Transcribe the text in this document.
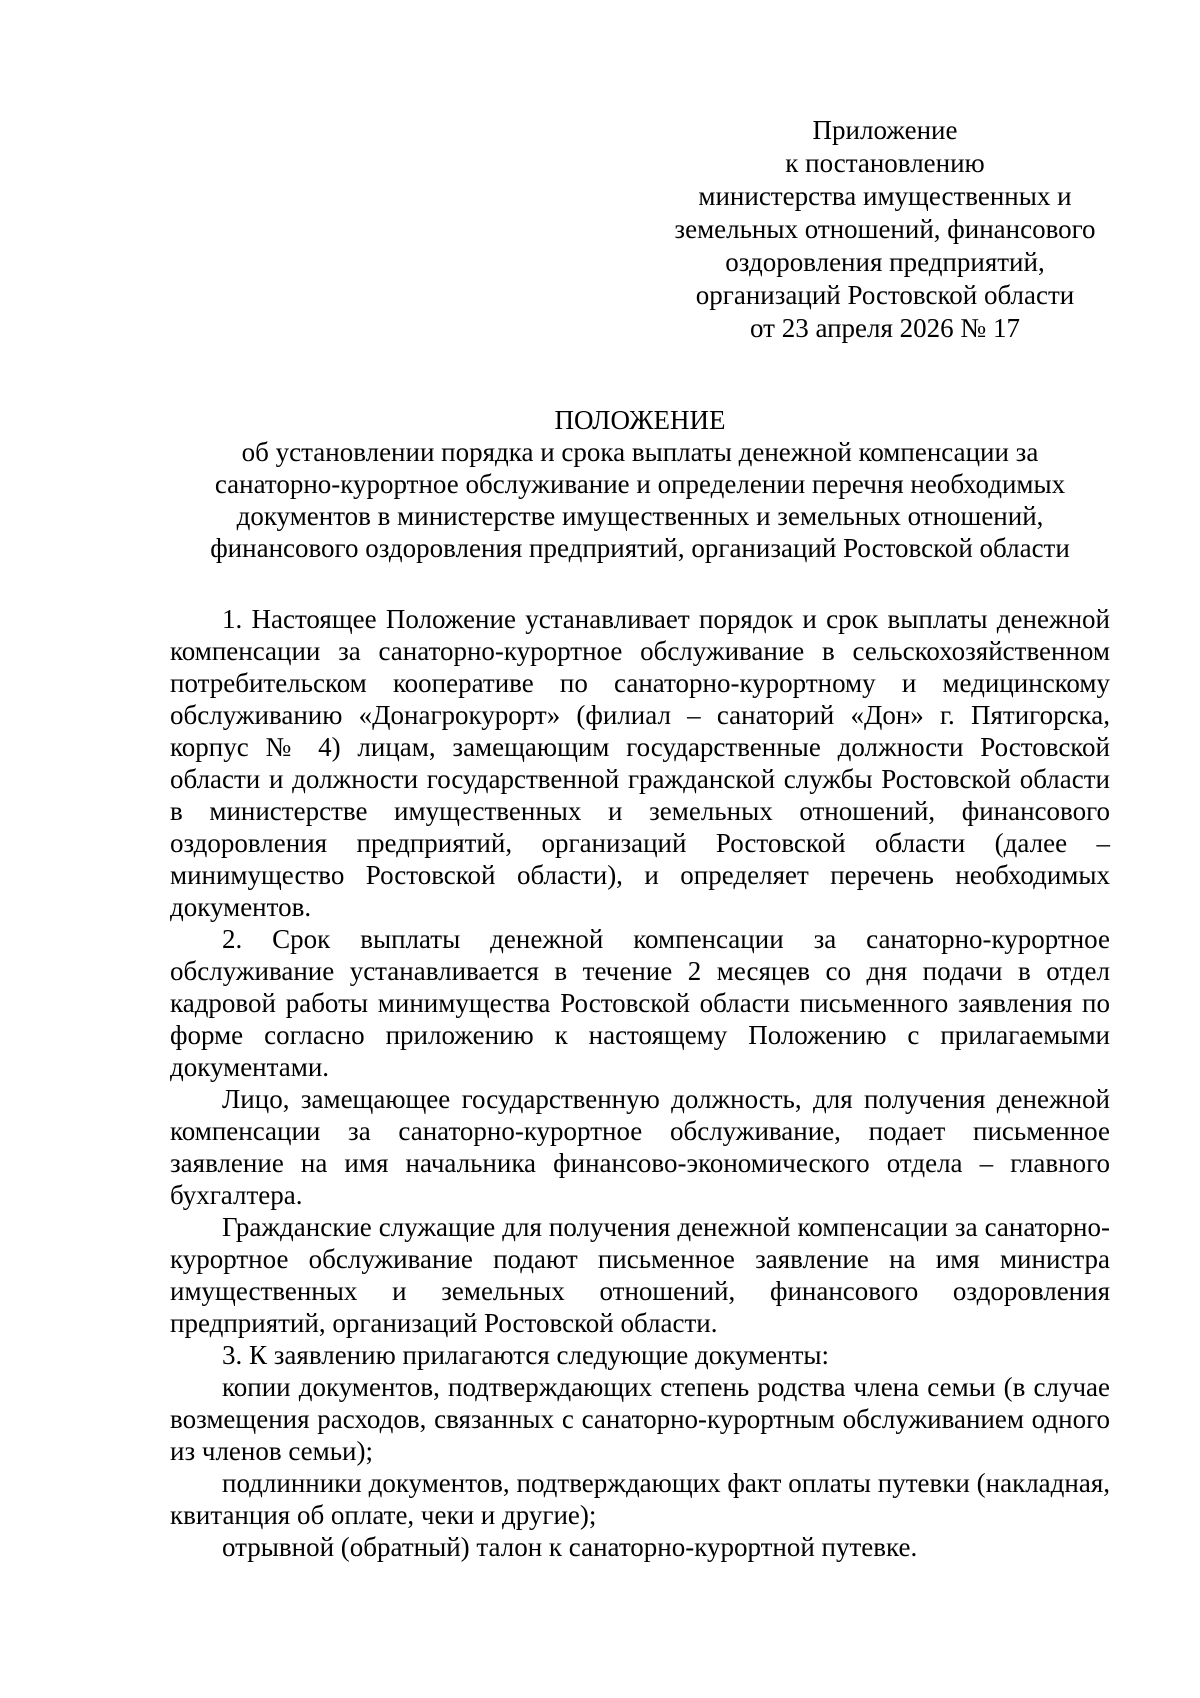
Приложение
к постановлению
министерства имущественных и
земельных отношений, финансового
оздоровления предприятий,
организаций Ростовской области
от 23 апреля 2026 № 17
ПОЛОЖЕНИЕ
об установлении порядка и срока выплаты денежной компенсации за
санаторно-курортное обслуживание и определении перечня необходимых
документов в министерстве имущественных и земельных отношений,
финансового оздоровления предприятий, организаций Ростовской области

1. Настоящее Положение устанавливает порядок и срок выплаты денежной компенсации за санаторно-курортное обслуживание в сельскохозяйственном потребительском кооперативе по санаторно-курортному и медицинскому обслуживанию «Донагрокурорт» (филиал – санаторий «Дон» г. Пятигорска, корпус № 4) лицам, замещающим государственные должности Ростовской области и должности государственной гражданской службы Ростовской области в министерстве имущественных и земельных отношений, финансового оздоровления предприятий, организаций Ростовской области (далее – минимущество Ростовской области), и определяет перечень необходимых документов.

2. Срок выплаты денежной компенсации за санаторно-курортное обслуживание устанавливается в течение 2 месяцев со дня подачи в отдел кадровой работы минимущества Ростовской области письменного заявления по форме согласно приложению к настоящему Положению с прилагаемыми документами.

Лицо, замещающее государственную должность, для получения денежной компенсации за санаторно-курортное обслуживание, подает письменное заявление на имя начальника финансово-экономического отдела – главного бухгалтера.

Гражданские служащие для получения денежной компенсации за санаторно-курортное обслуживание подают письменное заявление на имя министра имущественных и земельных отношений, финансового оздоровления предприятий, организаций Ростовской области.

3. К заявлению прилагаются следующие документы:

копии документов, подтверждающих степень родства члена семьи (в случае возмещения расходов, связанных с санаторно-курортным обслуживанием одного из членов семьи);

подлинники документов, подтверждающих факт оплаты путевки (накладная, квитанция об оплате, чеки и другие);

отрывной (обратный) талон к санаторно-курортной путевке.
